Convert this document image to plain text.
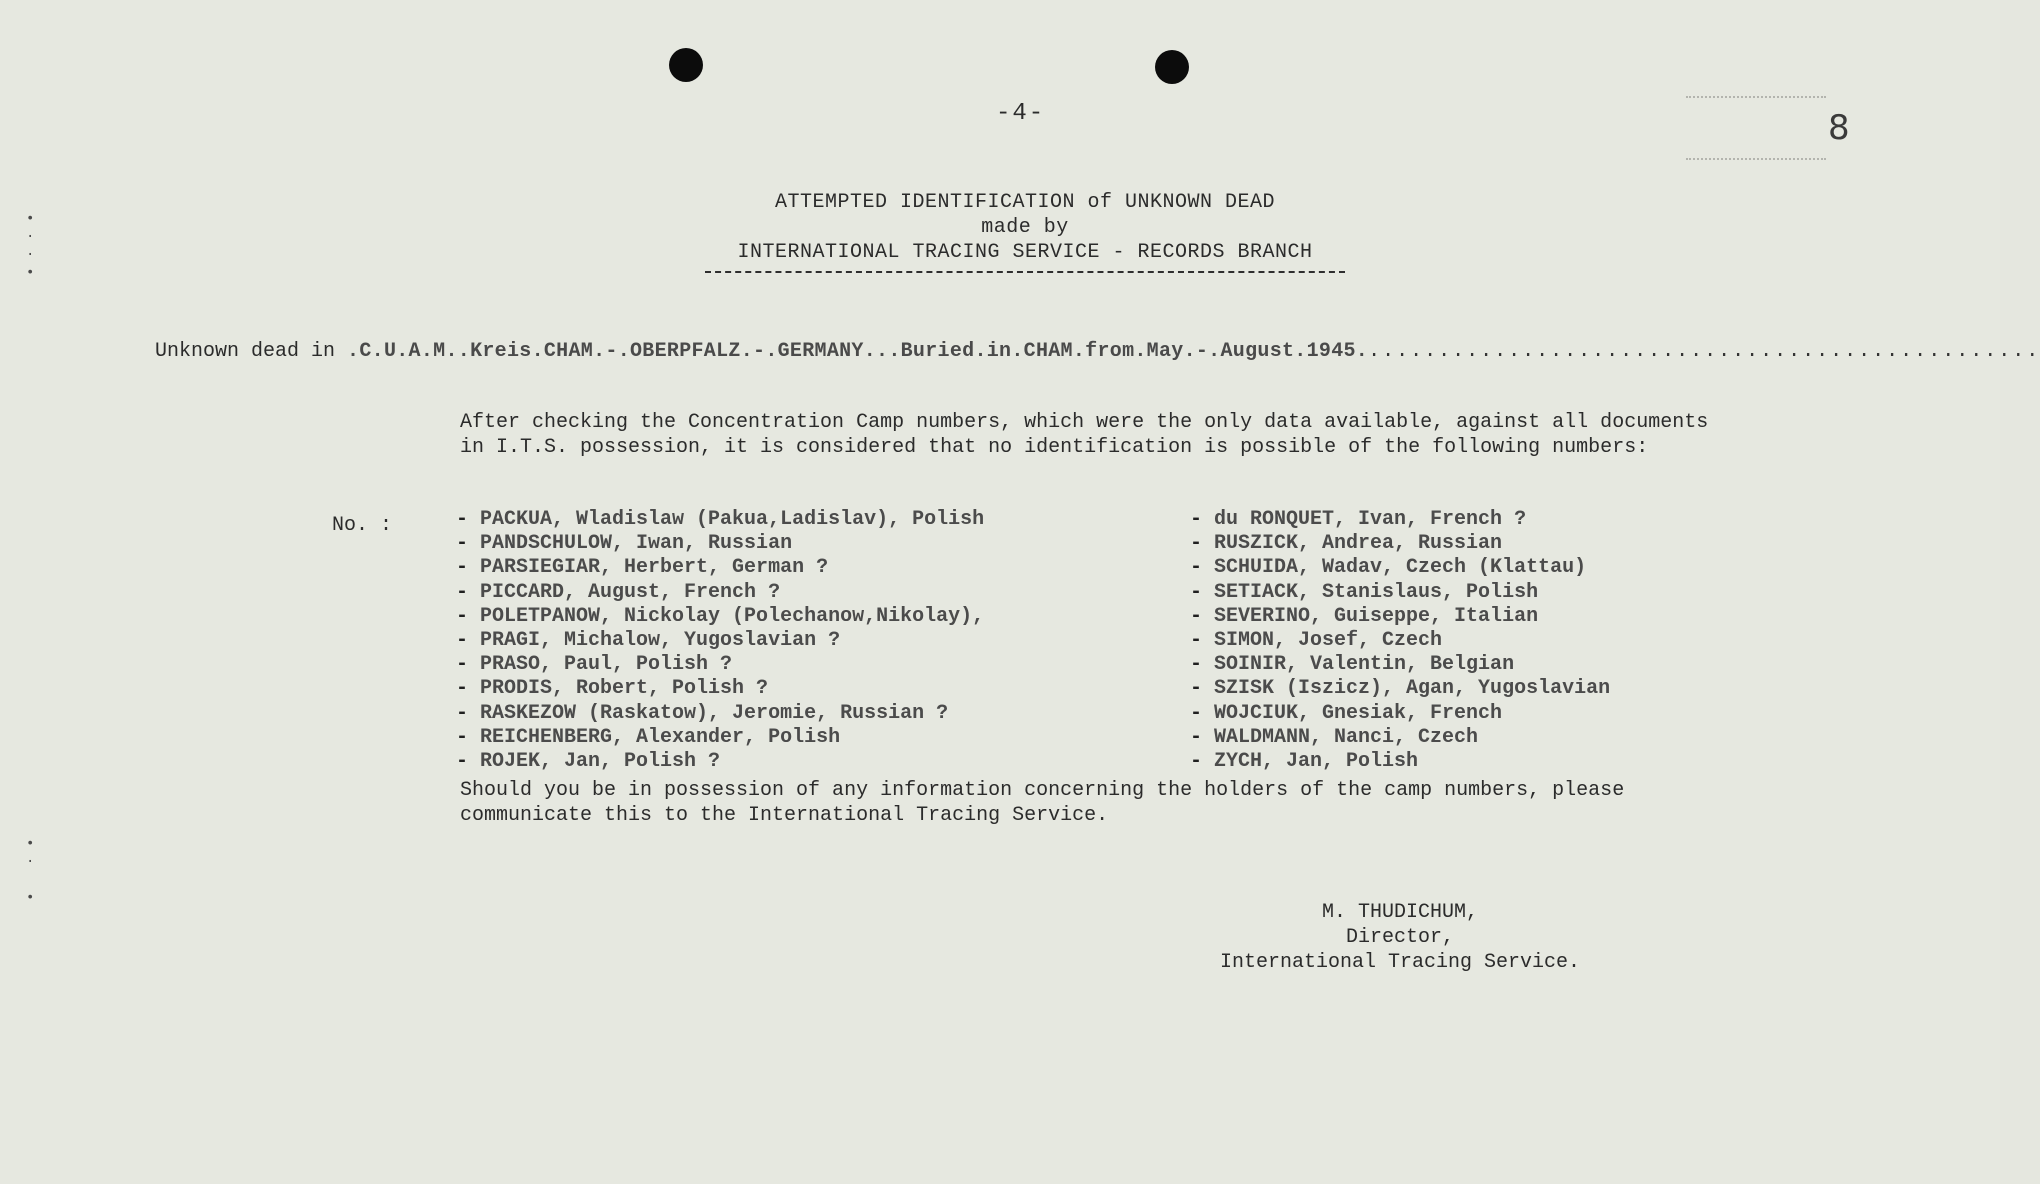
-4-	8
•
·
·
•
•
·

•
ATTEMPTED IDENTIFICATION of UNKNOWN DEAD
made by
INTERNATIONAL TRACING SERVICE - RECORDS BRANCH
Unknown dead in .C.U.A.M..Kreis.CHAM.-.OBERPFALZ.-.GERMANY...Buried.in.CHAM.from.May.-.August.1945.................................................
After checking the Concentration Camp numbers, which were the only data available, against all documents in I.T.S. possession, it is considered that no identification is possible of the following numbers:
No. :
-	PACKUA, Wladislaw (Pakua,Ladislav), Polish
- PANDSCHULOW, Iwan, Russian
- PARSIEGIAR, Herbert, German ?
- PICCARD, August, French ?
- POLETPANOW, Nickolay (Polechanow,Nikolay),
- PRAGI, Michalow, Yugoslavian ?
- PRASO, Paul, Polish ?
- PRODIS, Robert, Polish ?
- RASKEZOW (Raskatow), Jeromie, Russian ?
- REICHENBERG, Alexander, Polish
- ROJEK, Jan, Polish ?
- du RONQUET, Ivan, French ?
- RUSZICK, Andrea, Russian
- SCHUIDA, Wadav, Czech (Klattau)
- SETIACK, Stanislaus, Polish
- SEVERINO, Guiseppe, Italian
- SIMON, Josef, Czech
- SOINIR, Valentin, Belgian
- SZISK (Iszicz), Agan, Yugoslavian
- WOJCIUK, Gnesiak, French
- WALDMANN, Nanci, Czech
- ZYCH, Jan, Polish
Should you be in possession of any information concerning the holders of the camp numbers, please communicate this to the International Tracing Service.
M. THUDICHUM,
Director,
International Tracing Service.
